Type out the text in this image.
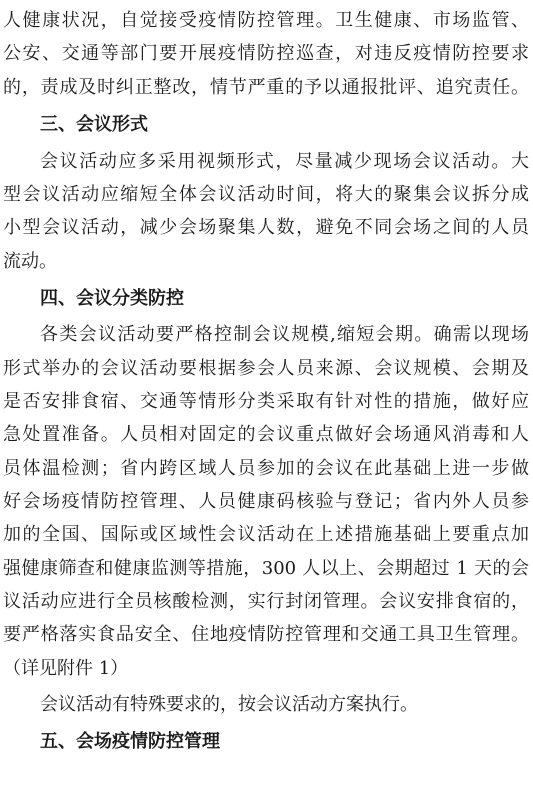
人健康状况，自觉接受疫情防控管理。卫生健康、市场监管、
公安、交通等部门要开展疫情防控巡查，对违反疫情防控要求
的，责成及时纠正整改，情节严重的予以通报批评、追究责任。
三、会议形式
会议活动应多采用视频形式，尽量减少现场会议活动。大
型会议活动应缩短全体会议活动时间，将大的聚集会议拆分成
小型会议活动，减少会场聚集人数，避免不同会场之间的人员
流动。
四、会议分类防控
各类会议活动要严格控制会议规模,缩短会期。确需以现场
形式举办的会议活动要根据参会人员来源、会议规模、会期及
是否安排食宿、交通等情形分类采取有针对性的措施，做好应
急处置准备。人员相对固定的会议重点做好会场通风消毒和人
员体温检测；省内跨区域人员参加的会议在此基础上进一步做
好会场疫情防控管理、人员健康码核验与登记；省内外人员参
加的全国、国际或区域性会议活动在上述措施基础上要重点加
强健康筛查和健康监测等措施，300 人以上、会期超过 1 天的会
议活动应进行全员核酸检测，实行封闭管理。会议安排食宿的，
要严格落实食品安全、住地疫情防控管理和交通工具卫生管理。
（详见附件 1）
会议活动有特殊要求的，按会议活动方案执行。
五、会场疫情防控管理
